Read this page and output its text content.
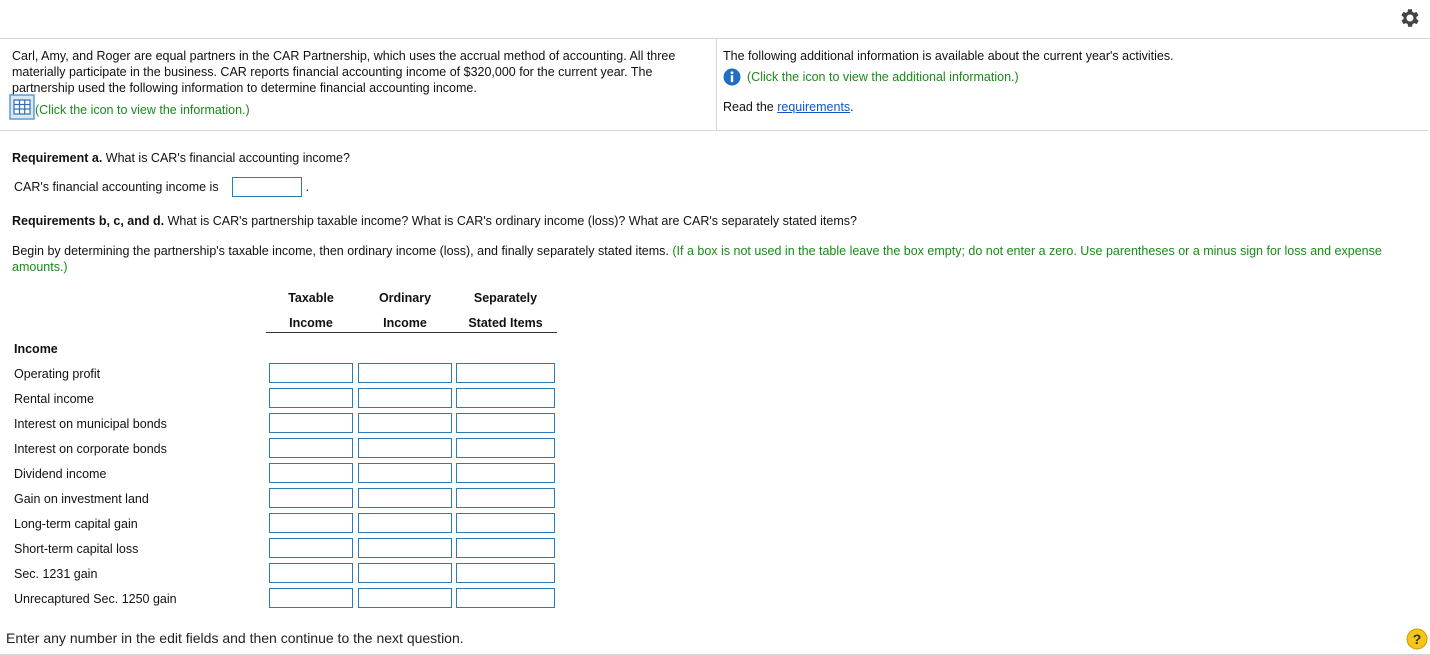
Carl, Amy, and Roger are equal partners in the CAR Partnership, which uses the accrual method of accounting. All three materially participate in the business. CAR reports financial accounting income of $320,000 for the current year. The partnership used the following information to determine financial accounting income.
(Click the icon to view the information.)
The following additional information is available about the current year's activities.
(Click the icon to view the additional information.)
Read the requirements.
Requirement a. What is CAR's financial accounting income?
CAR's financial accounting income is	.
Requirements b, c, and d. What is CAR's partnership taxable income? What is CAR's ordinary income (loss)? What are CAR's separately stated items?
Begin by determining the partnership's taxable income, then ordinary income (loss), and finally separately stated items. (If a box is not used in the table leave the box empty; do not enter a zero. Use parentheses or a minus sign for loss and expense amounts.)
Taxable	Ordinary	Separately
Income	Income	Stated Items
Income
Operating profit
Rental income
Interest on municipal bonds
Interest on corporate bonds
Dividend income
Gain on investment land
Long-term capital gain
Short-term capital loss
Sec. 1231 gain
Unrecaptured Sec. 1250 gain
Enter any number in the edit fields and then continue to the next question.	?
